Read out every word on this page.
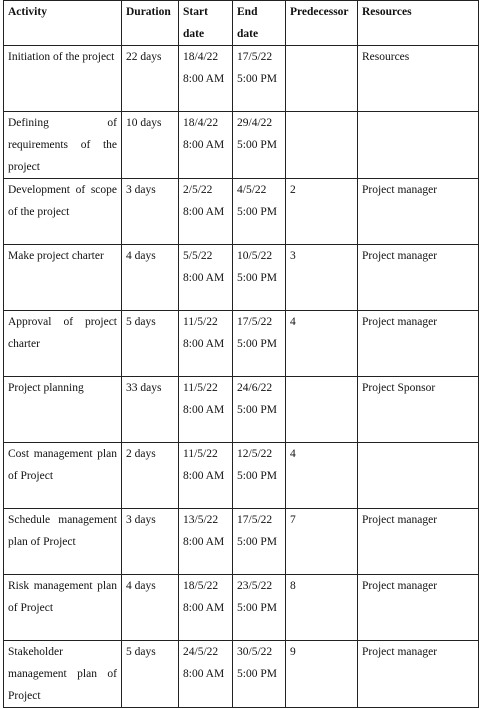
Activity	Duration	Start date	End date	Predecessor	Resources
Initiation of the project	22 days	18/4/22 8:00 AM	17/5/22 5:00 PM		Resources
Defining of requirements of the project	10 days	18/4/22 8:00 AM	29/4/22 5:00 PM		
Development of scope of the project	3 days	2/5/22 8:00 AM	4/5/22 5:00 PM	2	Project manager
Make project charter	4 days	5/5/22 8:00 AM	10/5/22 5:00 PM	3	Project manager
Approval of project charter	5 days	11/5/22 8:00 AM	17/5/22 5:00 PM	4	Project manager
Project planning	33 days	11/5/22 8:00 AM	24/6/22 5:00 PM		Project Sponsor
Cost management plan of Project	2 days	11/5/22 8:00 AM	12/5/22 5:00 PM	4	
Schedule management plan of Project	3 days	13/5/22 8:00 AM	17/5/22 5:00 PM	7	Project manager
Risk management plan of Project	4 days	18/5/22 8:00 AM	23/5/22 5:00 PM	8	Project manager
Stakeholder management plan of Project	5 days	24/5/22 8:00 AM	30/5/22 5:00 PM	9	Project manager
